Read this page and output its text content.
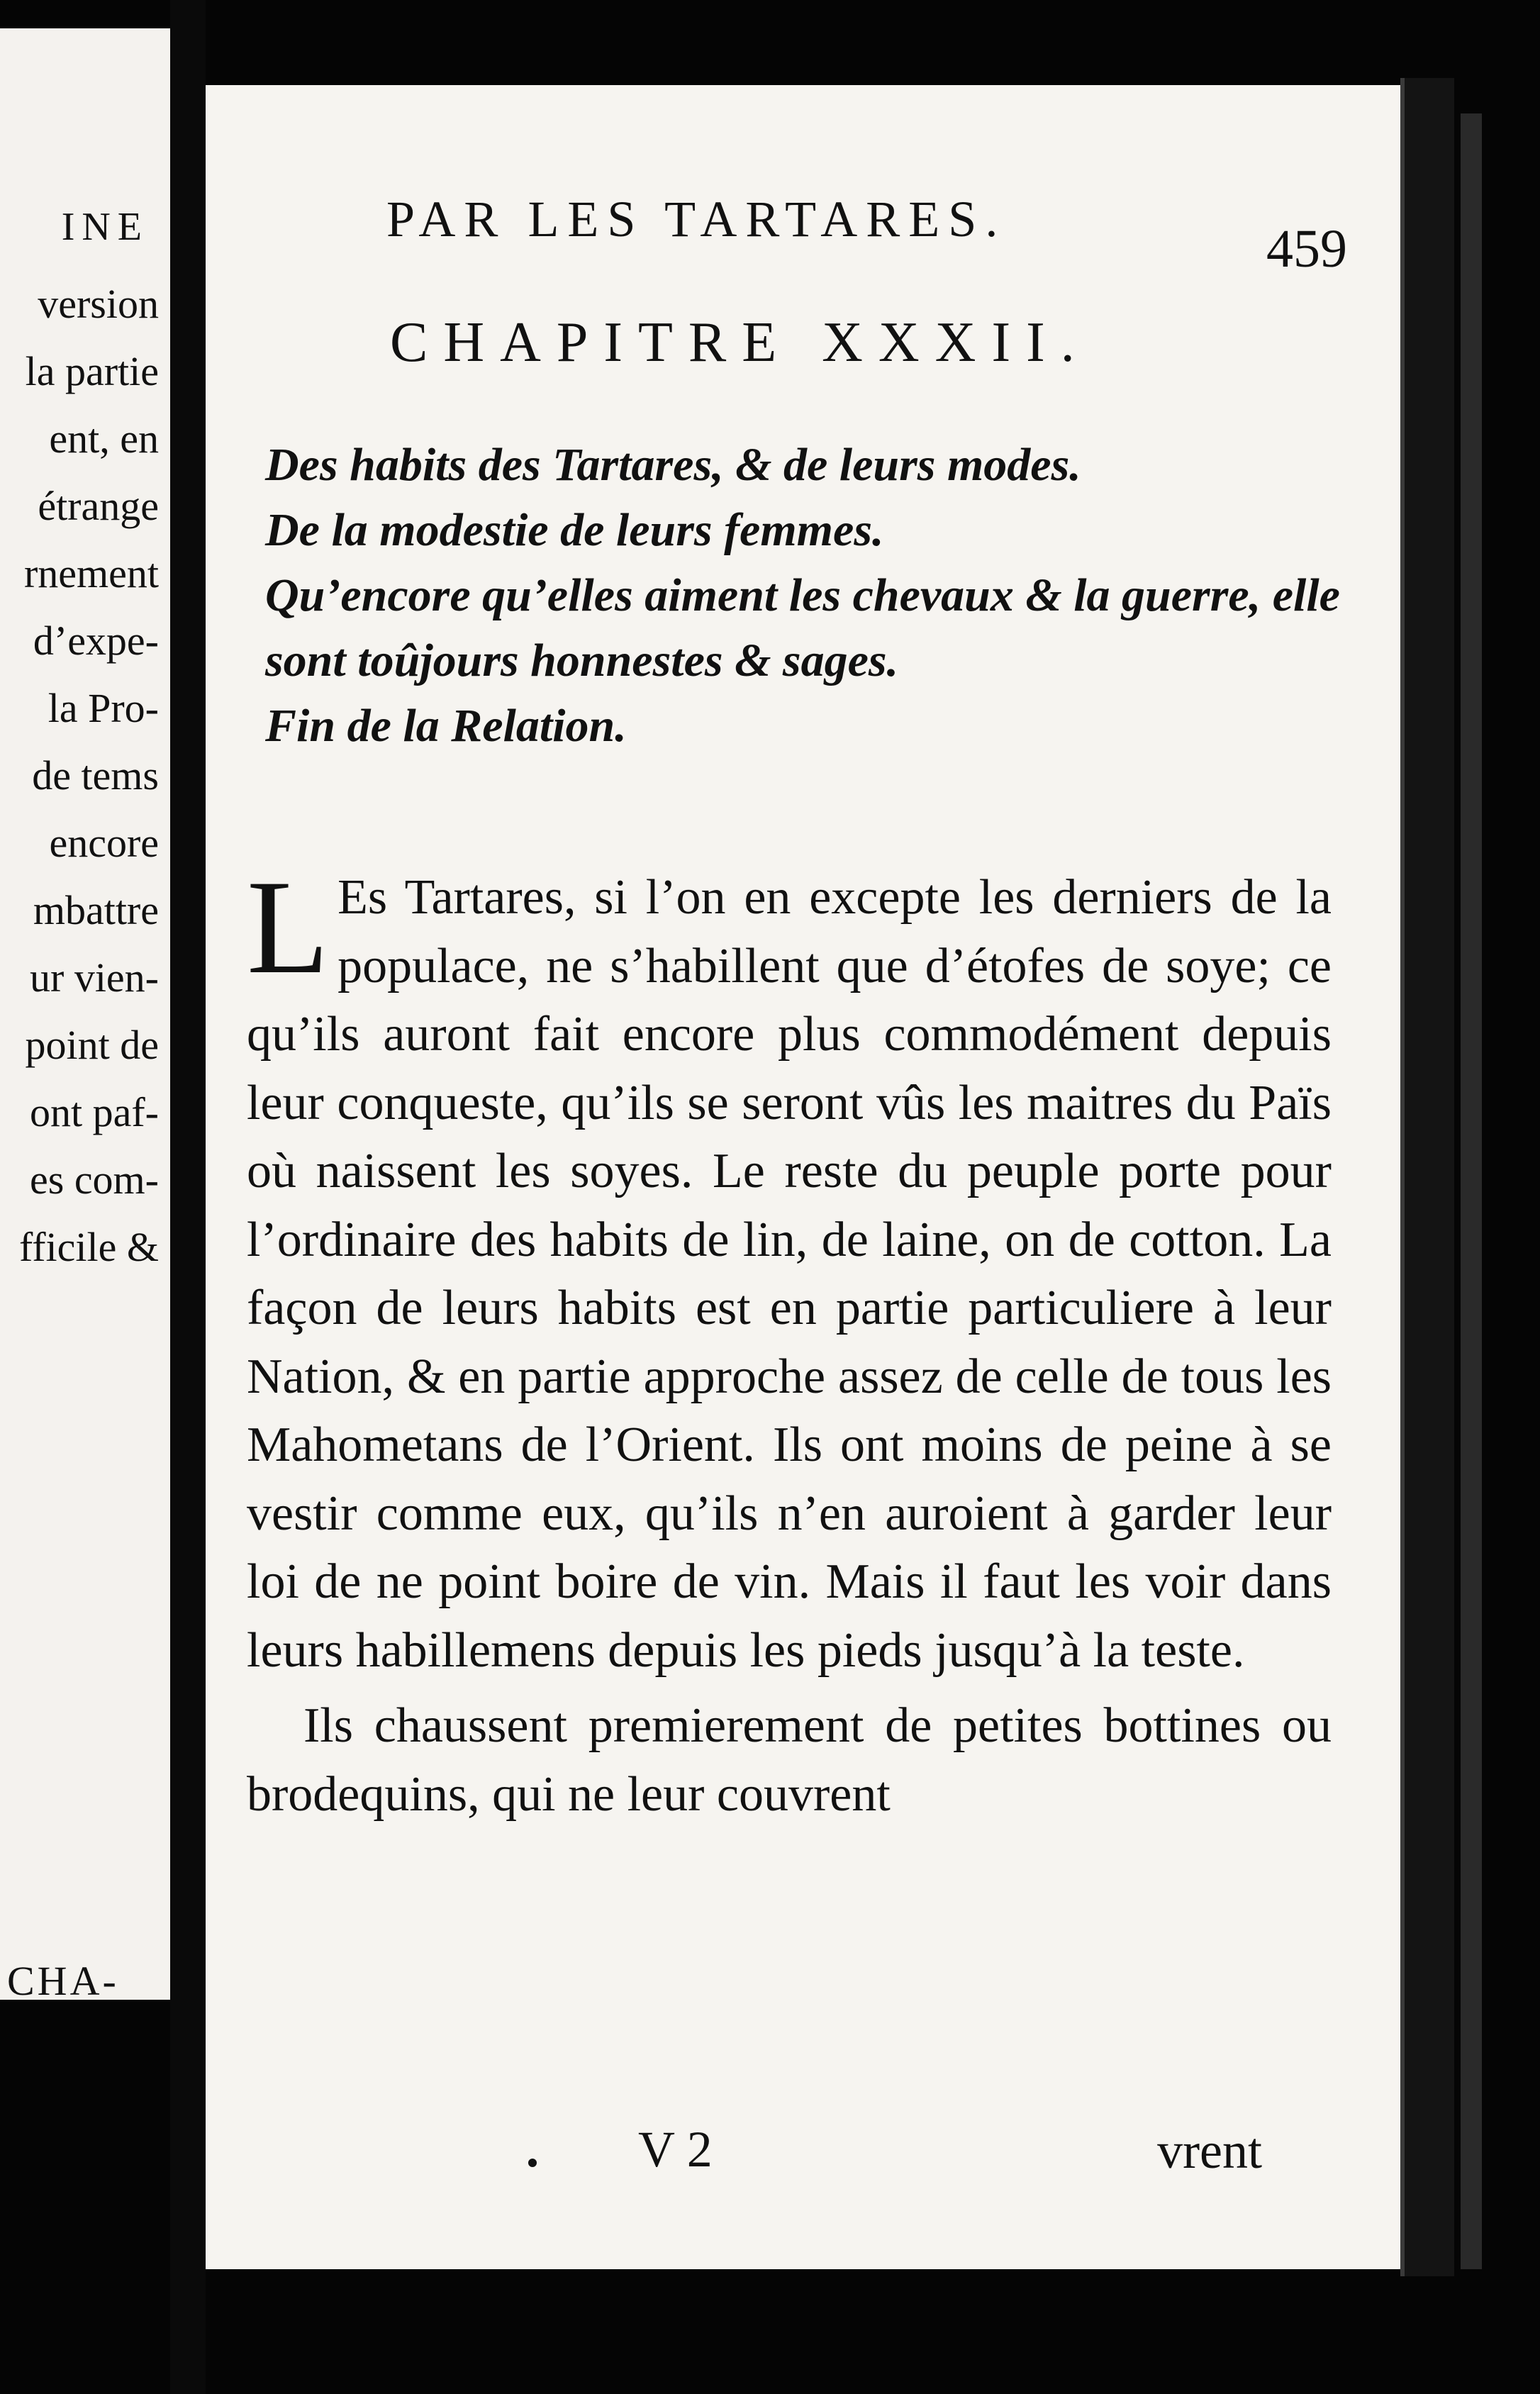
INE
version
la partie
ent, en
étrange
rnement
d’expe-
la Pro-
de tems
encore
mbattre
ur vien-
point de
ont paf-
es com-
fficile &
CHA-
PAR LES TARTARES.	459
CHAPITRE XXXII.
Des habits des Tartares, & de leurs modes.
De la modestie de leurs femmes.
Qu’encore qu’elles aiment les chevaux & la guerre, elle sont toûjours honnestes & sages.
Fin de la Relation.

L Es Tartares, si l’on en excepte les derniers de la populace, ne s’habillent que d’étofes de soye; ce qu’ils auront fait encore plus commodément depuis leur conqueste, qu’ils se seront vûs les maitres du Païs où naissent les soyes. Le reste du peuple porte pour l’ordinaire des habits de lin, de laine, on de cotton. La façon de leurs habits est en partie particuliere à leur Nation, & en partie approche assez de celle de tous les Mahometans de l’Orient. Ils ont moins de peine à se vestir comme eux, qu’ils n’en auroient à garder leur loi de ne point boire de vin. Mais il faut les voir dans leurs habillemens depuis les pieds jusqu’à la teste.

Ils chaussent premierement de petites bottines ou brodequins, qui ne leur couvrent

V 2	vrent
